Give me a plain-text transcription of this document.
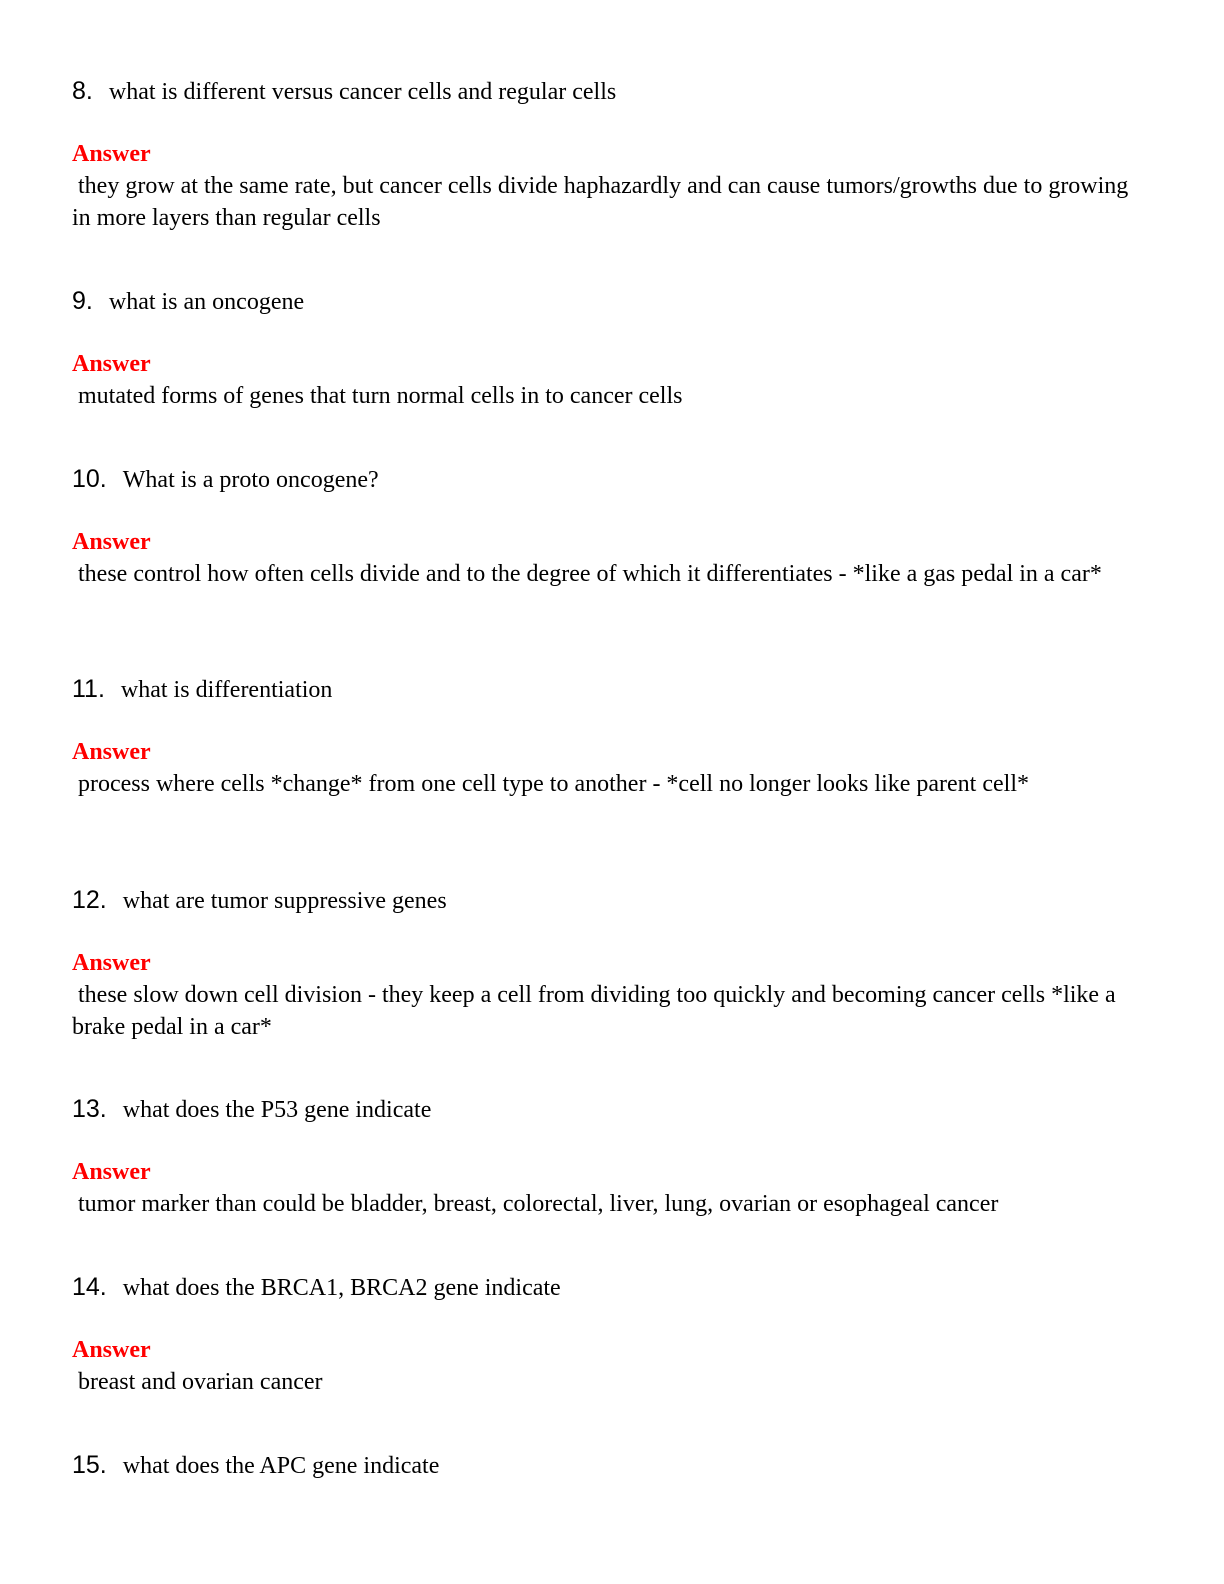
8. what is different versus cancer cells and regular cells
Answer
they grow at the same rate, but cancer cells divide haphazardly and can cause tumors/growths due to growing in more layers than regular cells
9. what is an oncogene
Answer
mutated forms of genes that turn normal cells in to cancer cells
10. What is a proto oncogene?
Answer
these control how often cells divide and to the degree of which it differentiates - *like a gas pedal in a car*
11. what is differentiation
Answer
process where cells *change* from one cell type to another - *cell no longer looks like parent cell*
12. what are tumor suppressive genes
Answer
these slow down cell division - they keep a cell from dividing too quickly and becoming cancer cells *like a brake pedal in a car*
13. what does the P53 gene indicate
Answer
tumor marker than could be bladder, breast, colorectal, liver, lung, ovarian or esophageal cancer
14. what does the BRCA1, BRCA2 gene indicate
Answer
breast and ovarian cancer
15. what does the APC gene indicate
